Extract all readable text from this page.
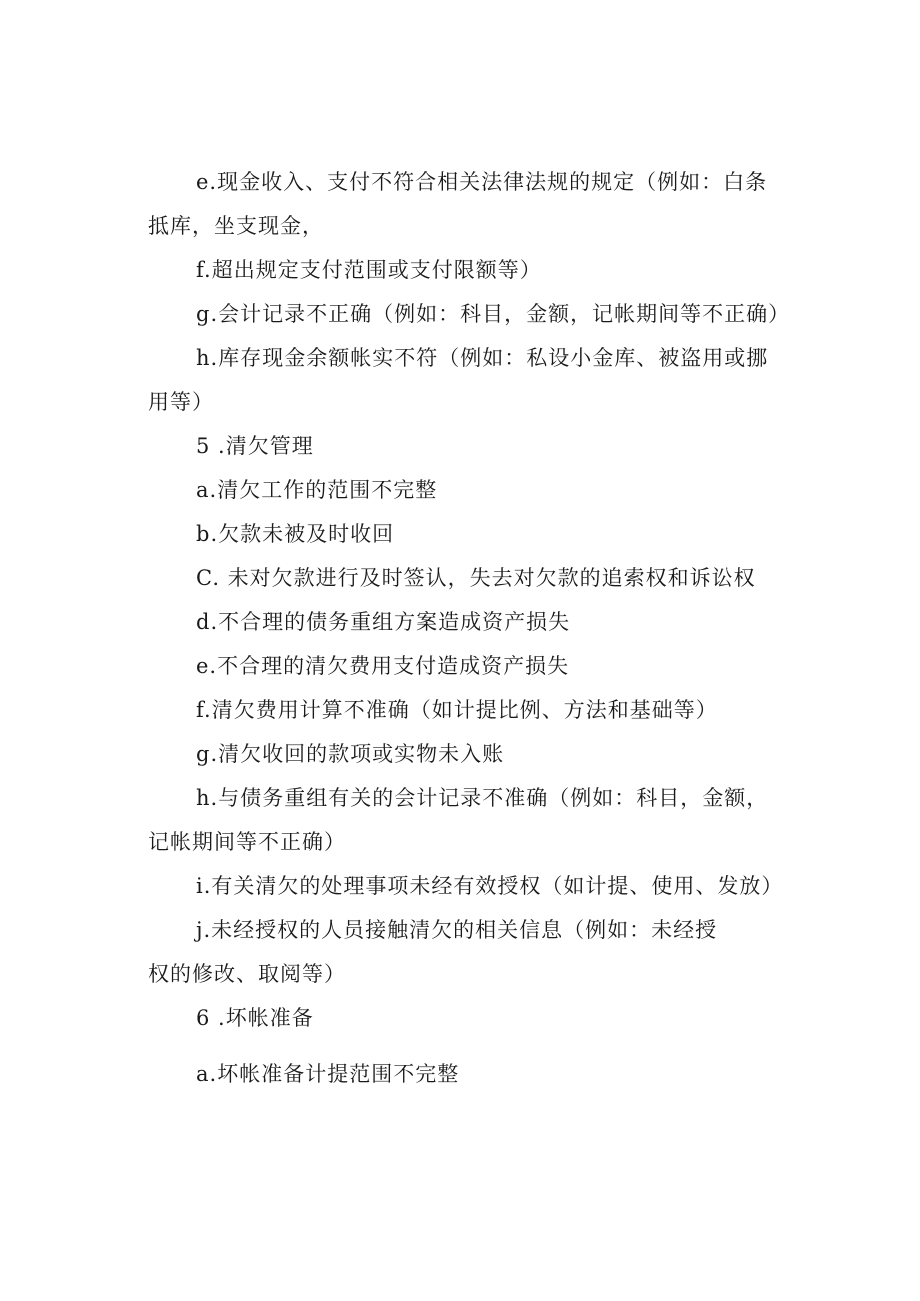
e.现金收入、支付不符合相关法律法规的规定（例如：白条
抵库，坐支现金，
f.超出规定支付范围或支付限额等）
g.会计记录不正确（例如：科目，金额，记帐期间等不正确）
h.库存现金余额帐实不符（例如：私设小金库、被盗用或挪
用等）
5 .清欠管理
a.清欠工作的范围不完整
b.欠款未被及时收回
C. 未对欠款进行及时签认，失去对欠款的追索权和诉讼权
d.不合理的债务重组方案造成资产损失
e.不合理的清欠费用支付造成资产损失
f.清欠费用计算不准确（如计提比例、方法和基础等）
g.清欠收回的款项或实物未入账
h.与债务重组有关的会计记录不准确（例如：科目，金额，
记帐期间等不正确）
i.有关清欠的处理事项未经有效授权（如计提、使用、发放）
j.未经授权的人员接触清欠的相关信息（例如：未经授
权的修改、取阅等）
6 .坏帐准备
a.坏帐准备计提范围不完整
